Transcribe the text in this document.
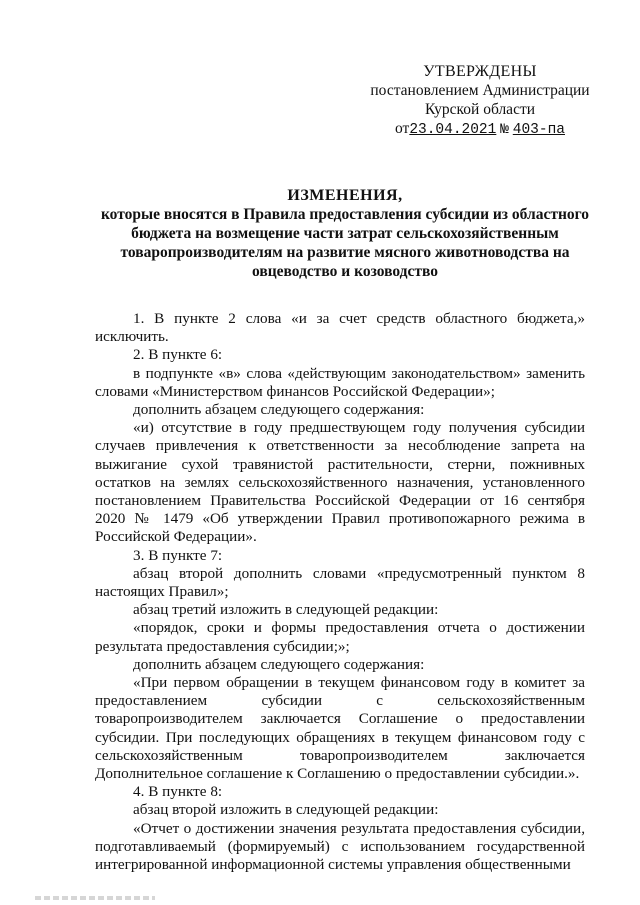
УТВЕРЖДЕНЫ
постановлением Администрации
Курской области
от23.04.2021 № 403-па
ИЗМЕНЕНИЯ,
которые вносятся в Правила предоставления субсидии из областного
бюджета на возмещение части затрат сельскохозяйственным
товаропроизводителям на развитие мясного животноводства на
овцеводство и козоводство

1. В пункте 2 слова «и за счет средств областного бюджета,» исключить.

2. В пункте 6:

в подпункте «в» слова «действующим законодательством» заменить словами «Министерством финансов Российской Федерации»;

дополнить абзацем следующего содержания:

«и) отсутствие в году предшествующем году получения субсидии случаев привлечения к ответственности за несоблюдение запрета на выжигание сухой травянистой растительности, стерни, пожнивных остатков на землях сельскохозяйственного назначения, установленного постановлением Правительства Российской Федерации от 16 сентября 2020 № 1479 «Об утверждении Правил противопожарного режима в Российской Федерации».

3. В пункте 7:

абзац второй дополнить словами «предусмотренный пунктом 8 настоящих Правил»;

абзац третий изложить в следующей редакции:

«порядок, сроки и формы предоставления отчета о достижении результата предоставления субсидии;»;

дополнить абзацем следующего содержания:

«При первом обращении в текущем финансовом году в комитет за предоставлением субсидии с сельскохозяйственным товаропроизводителем заключается Соглашение о предоставлении субсидии. При последующих обращениях в текущем финансовом году с сельскохозяйственным товаропроизводителем заключается Дополнительное соглашение к Соглашению о предоставлении субсидии.».

4. В пункте 8:

абзац второй изложить в следующей редакции:

«Отчет о достижении значения результата предоставления субсидии, подготавливаемый (формируемый) с использованием государственной интегрированной информационной системы управления общественными
